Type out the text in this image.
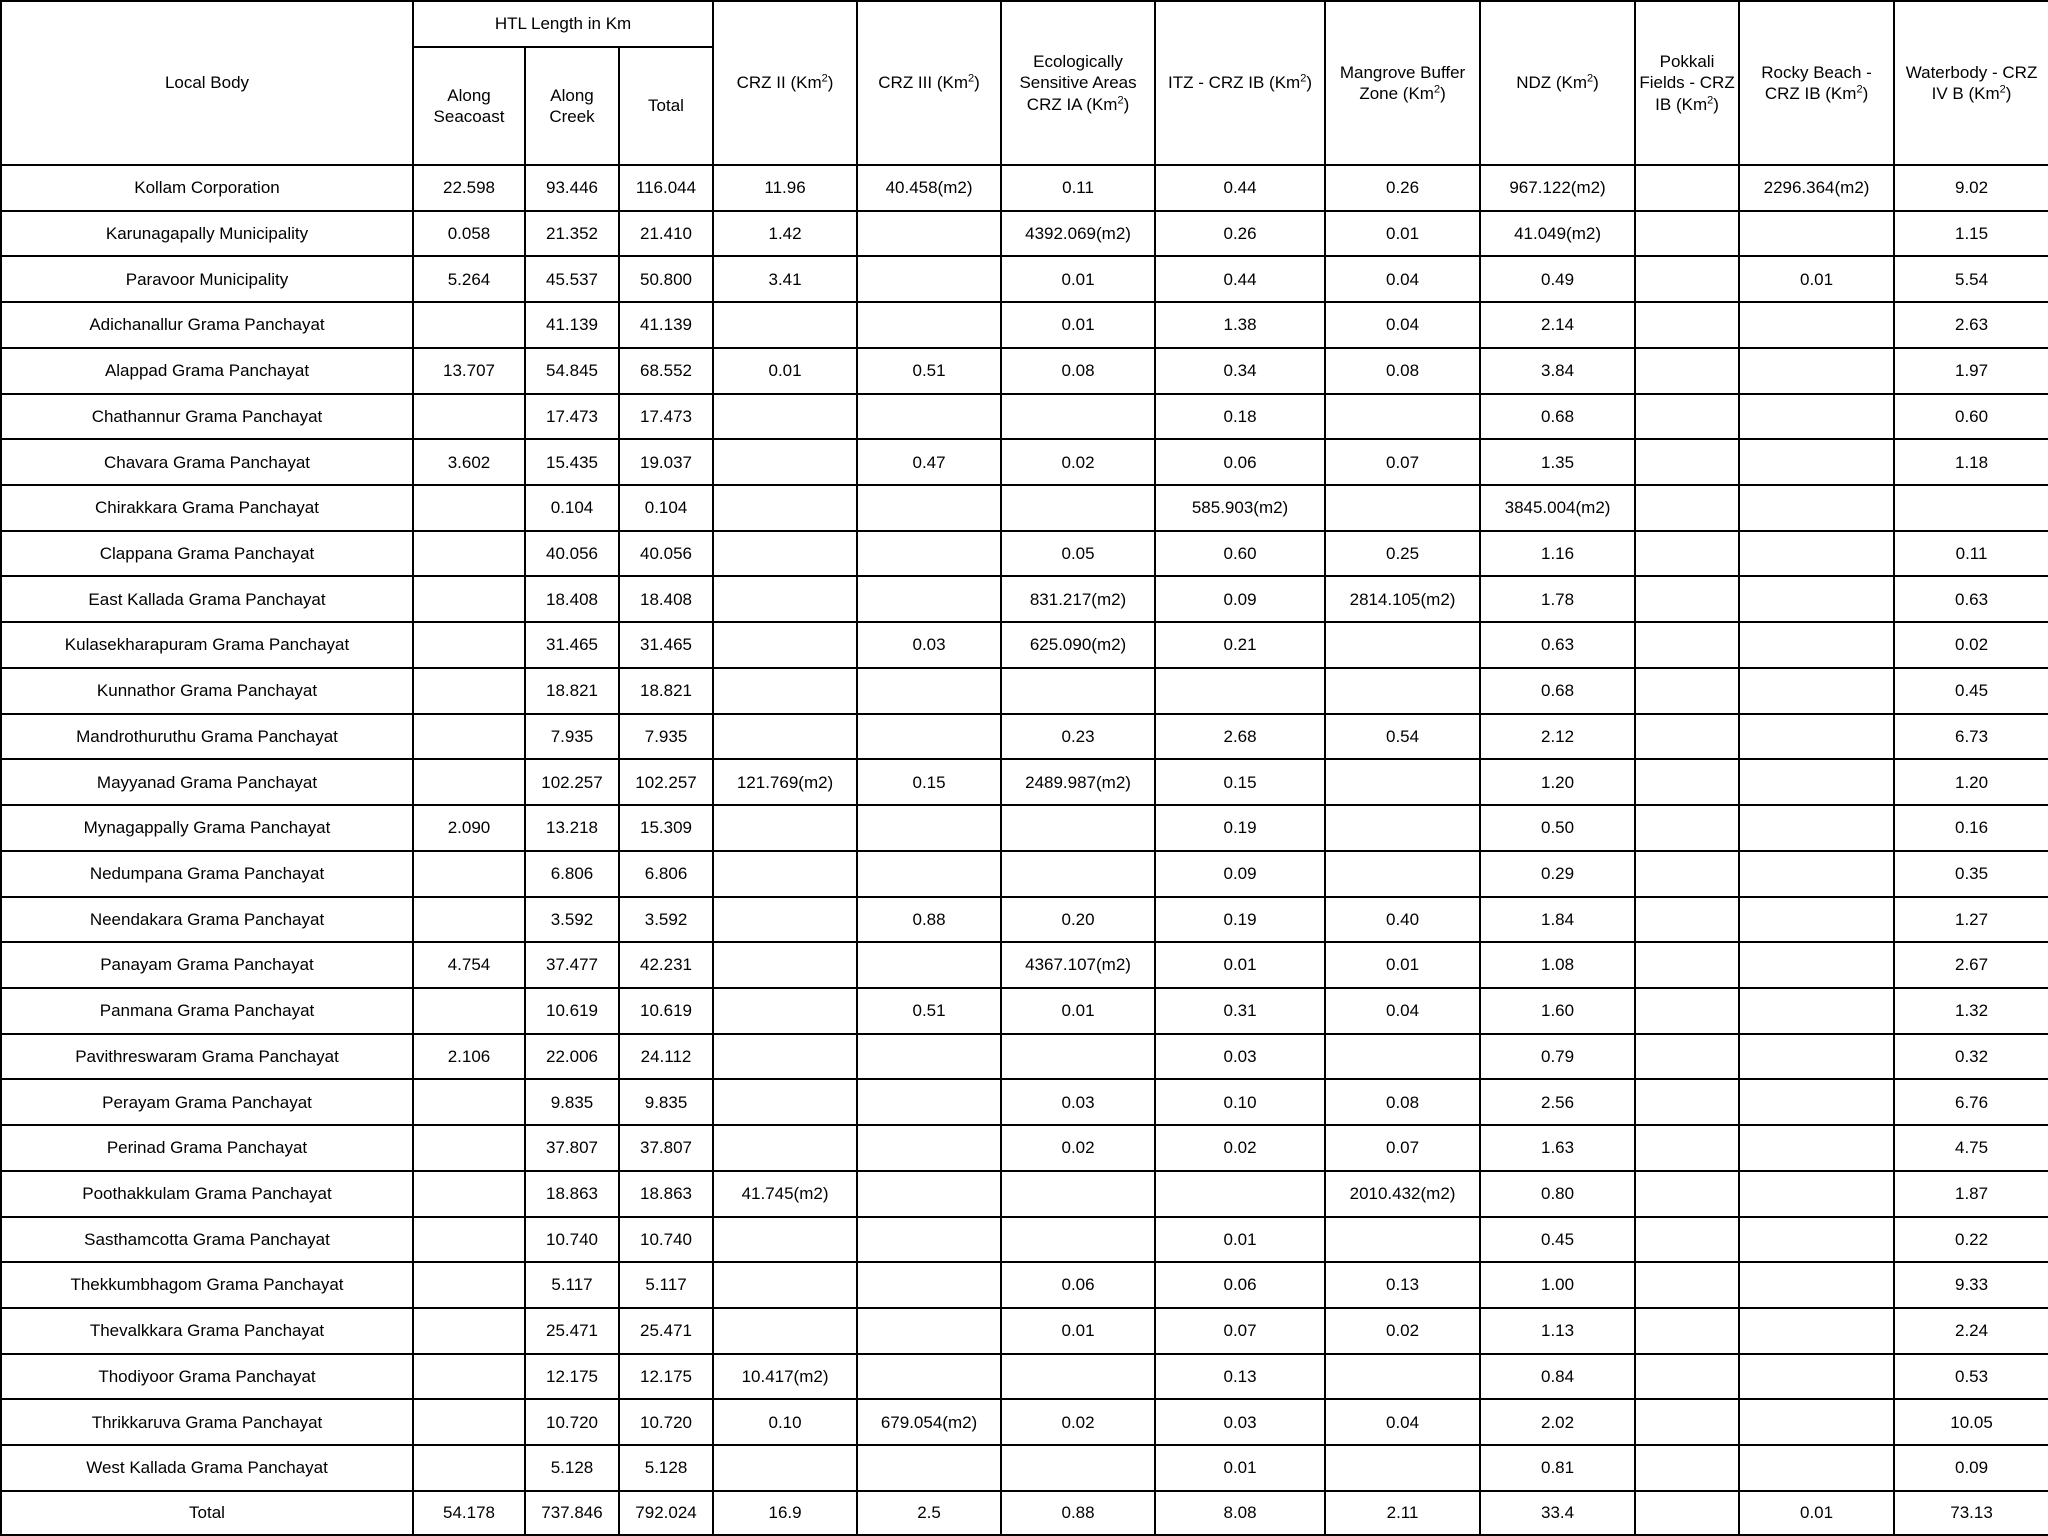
Local Body	HTL Length in Km			CRZ II (Km$^2$)	CRZ III (Km$^2$)	Ecologically Sensitive Areas CRZ IA (Km$^2$)	ITZ - CRZ IB (Km$^2$)	Mangrove Buffer Zone (Km$^2$)	NDZ (Km$^2$)	Pokkali Fields - CRZ IB (Km$^2$)	Rocky Beach - CRZ IB (Km$^2$)	Waterbody - CRZ IV B (Km$^2$)
	Along Seacoast	Along Creek	Total									
Kollam Corporation	22.598	93.446	116.044	11.96	40.458(m2)	0.11	0.44	0.26	967.122(m2)		2296.364(m2)	9.02
Karunagapally Municipality	0.058	21.352	21.410	1.42		4392.069(m2)	0.26	0.01	41.049(m2)			1.15
Paravoor Municipality	5.264	45.537	50.800	3.41		0.01	0.44	0.04	0.49		0.01	5.54
Adichanallur Grama Panchayat		41.139	41.139			0.01	1.38	0.04	2.14			2.63
Alappad Grama Panchayat	13.707	54.845	68.552	0.01	0.51	0.08	0.34	0.08	3.84			1.97
Chathannur Grama Panchayat		17.473	17.473				0.18		0.68			0.60
Chavara Grama Panchayat	3.602	15.435	19.037		0.47	0.02	0.06	0.07	1.35			1.18
Chirakkara Grama Panchayat		0.104	0.104				585.903(m2)		3845.004(m2)			
Clappana Grama Panchayat		40.056	40.056			0.05	0.60	0.25	1.16			0.11
East Kallada Grama Panchayat		18.408	18.408			831.217(m2)	0.09	2814.105(m2)	1.78			0.63
Kulasekharapuram Grama Panchayat		31.465	31.465		0.03	625.090(m2)	0.21		0.63			0.02
Kunnathor Grama Panchayat		18.821	18.821						0.68			0.45
Mandrothuruthu Grama Panchayat		7.935	7.935			0.23	2.68	0.54	2.12			6.73
Mayyanad Grama Panchayat		102.257	102.257	121.769(m2)	0.15	2489.987(m2)	0.15		1.20			1.20
Mynagappally Grama Panchayat	2.090	13.218	15.309				0.19		0.50			0.16
Nedumpana Grama Panchayat		6.806	6.806				0.09		0.29			0.35
Neendakara Grama Panchayat		3.592	3.592		0.88	0.20	0.19	0.40	1.84			1.27
Panayam Grama Panchayat	4.754	37.477	42.231			4367.107(m2)	0.01	0.01	1.08			2.67
Panmana Grama Panchayat		10.619	10.619		0.51	0.01	0.31	0.04	1.60			1.32
Pavithreswaram Grama Panchayat	2.106	22.006	24.112				0.03		0.79			0.32
Perayam Grama Panchayat		9.835	9.835			0.03	0.10	0.08	2.56			6.76
Perinad Grama Panchayat		37.807	37.807			0.02	0.02	0.07	1.63			4.75
Poothakkulam Grama Panchayat		18.863	18.863	41.745(m2)				2010.432(m2)	0.80			1.87
Sasthamcotta Grama Panchayat		10.740	10.740				0.01		0.45			0.22
Thekkumbhagom Grama Panchayat		5.117	5.117			0.06	0.06	0.13	1.00			9.33
Thevalkkara Grama Panchayat		25.471	25.471			0.01	0.07	0.02	1.13			2.24
Thodiyoor Grama Panchayat		12.175	12.175	10.417(m2)			0.13		0.84			0.53
Thrikkaruva Grama Panchayat		10.720	10.720	0.10	679.054(m2)	0.02	0.03	0.04	2.02			10.05
West Kallada Grama Panchayat		5.128	5.128				0.01		0.81			0.09
Total	54.178	737.846	792.024	16.9	2.5	0.88	8.08	2.11	33.4		0.01	73.13
